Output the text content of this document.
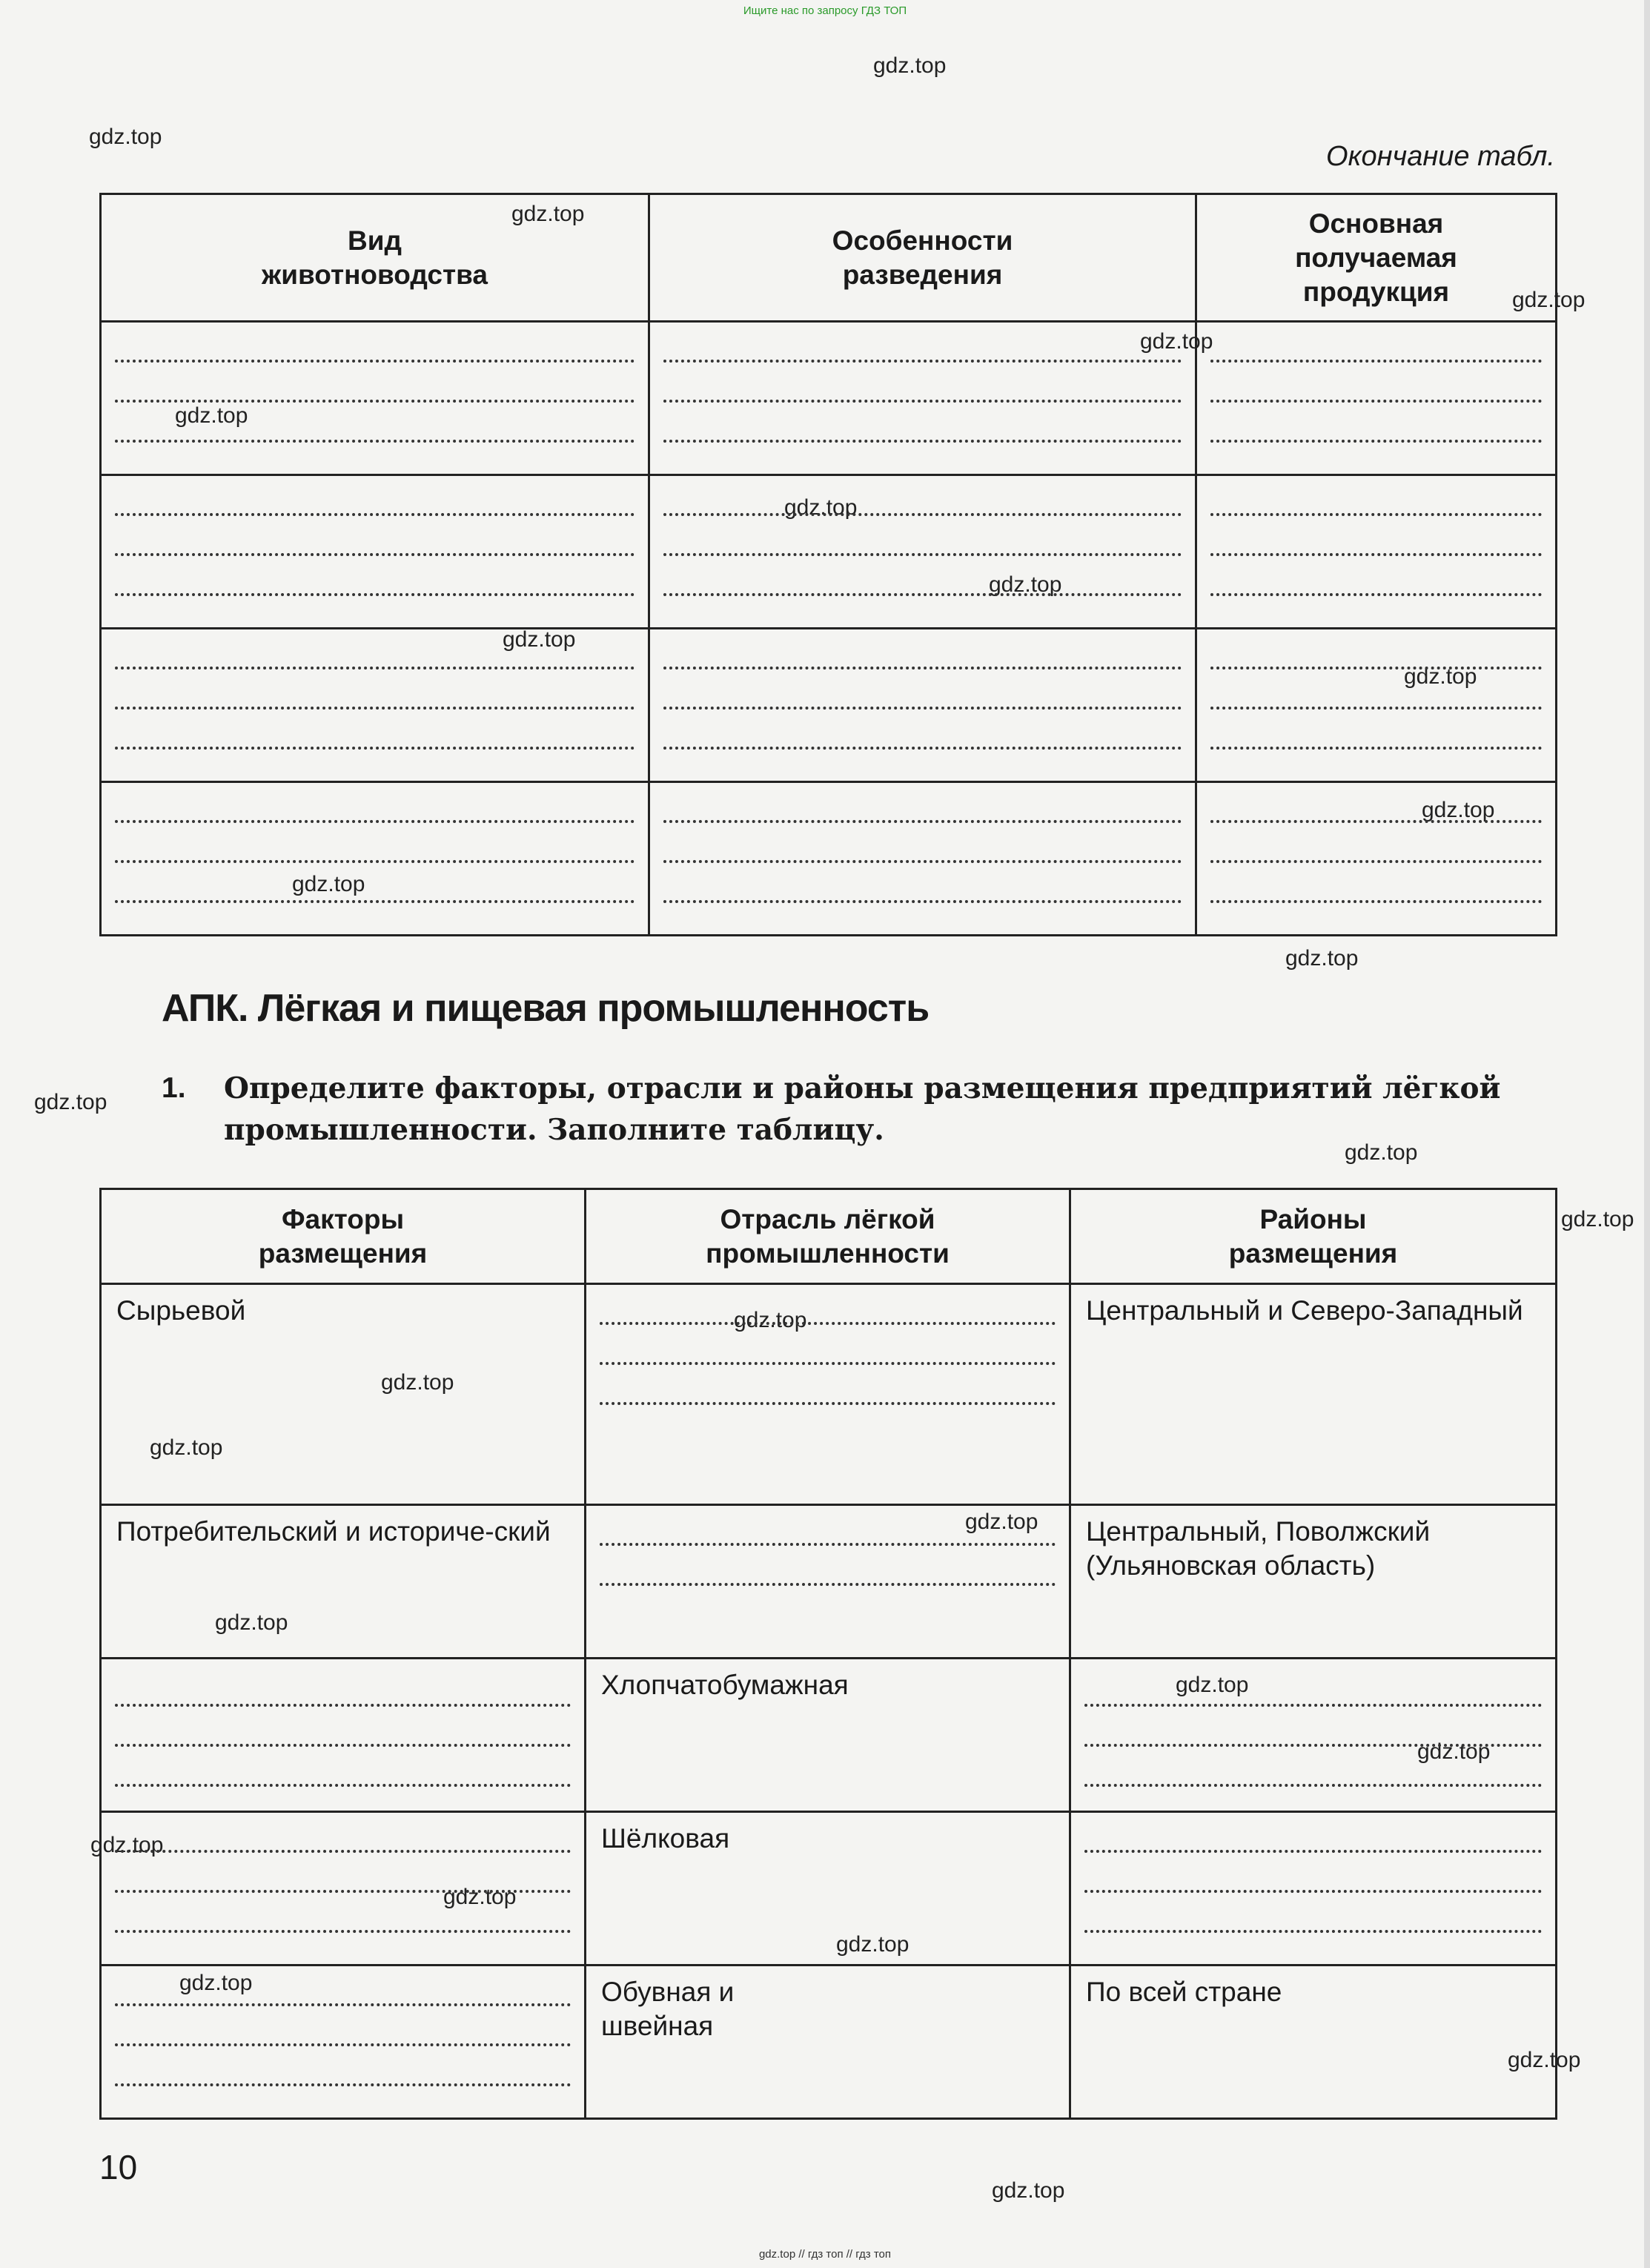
Ищите нас по запросу ГДЗ ТОП
gdz.top
gdz.top
gdz.top
gdz.top
gdz.top
gdz.top
gdz.top
gdz.top
gdz.top
gdz.top
gdz.top
gdz.top
gdz.top
gdz.top
gdz.top
gdz.top
gdz.top
gdz.top
gdz.top
gdz.top
gdz.top
gdz.top
gdz.top
gdz.top
gdz.top
gdz.top
gdz.top
gdz.top
gdz.top
Окончание табл.
Вид животноводства	Особенности разведения	Основная получаемая продукция

АПК. Лёгкая и пищевая промышленность
1. Определите факторы, отрасли и районы размещения предприятий лёгкой промышленности. Заполните таблицу.
Факторы размещения	Отрасль лёгкой промышленности	Районы размещения

Сырьевой		Центральный и Северо-Западный

Потребительский и историче-ский		Центральный, Поволжский (Ульяновская область)

	Хлопчатобумажная	

	Шёлковая	

	Обувная и швейная	По всей стране
10
gdz.top // гдз топ // гдз топ
